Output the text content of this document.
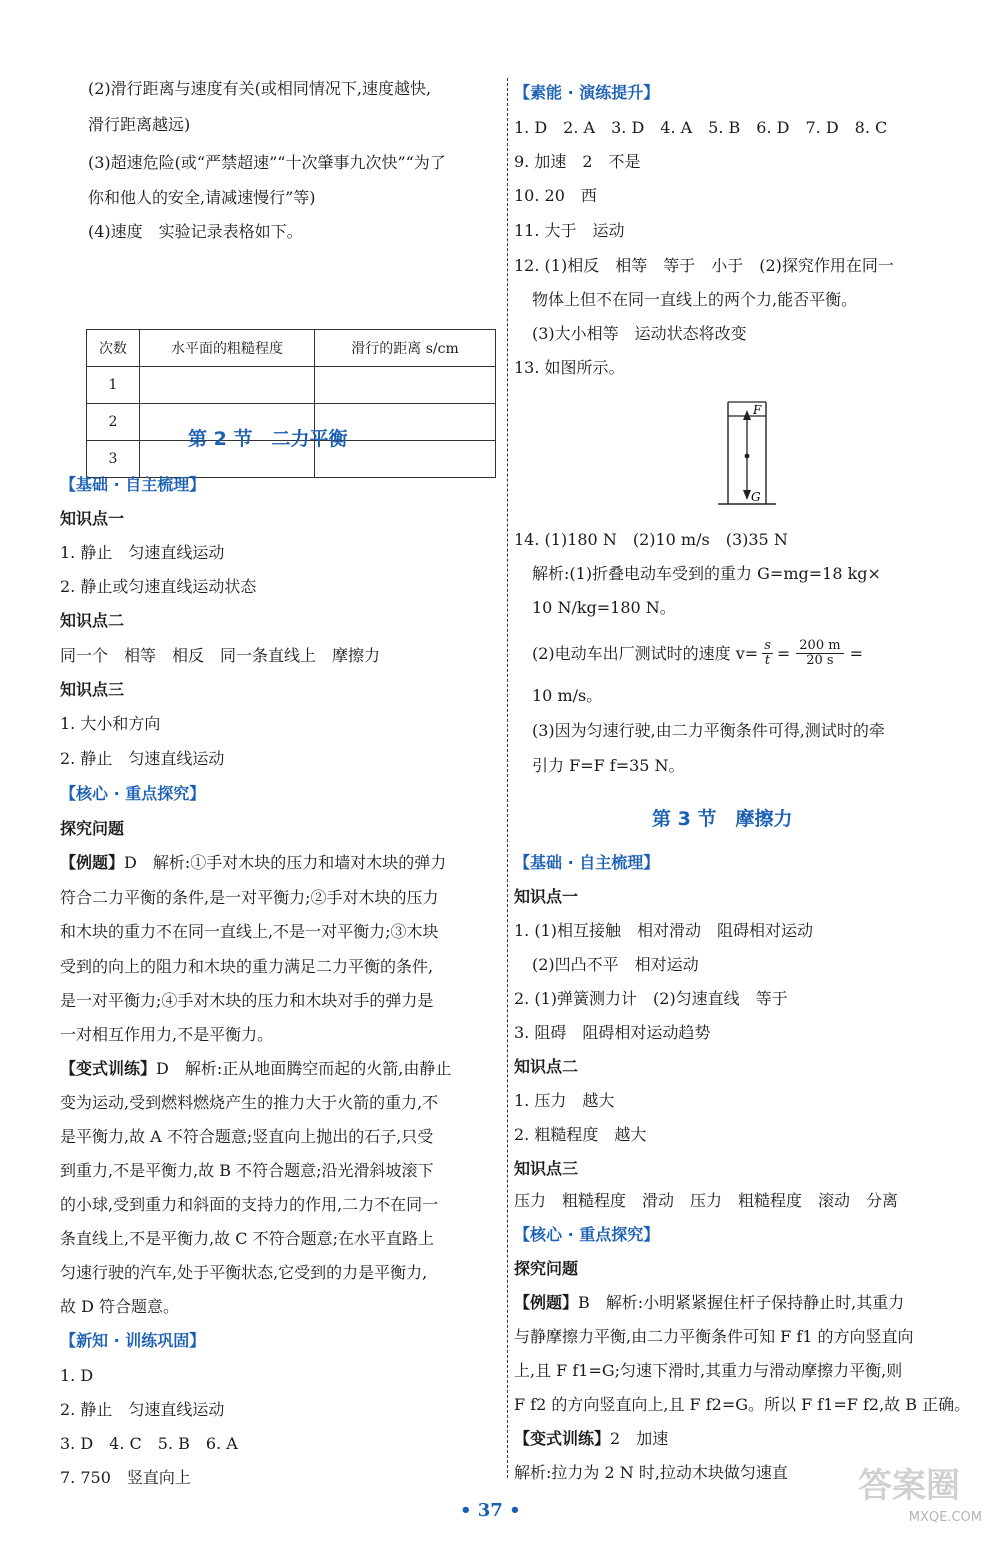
(2)滑行距离与速度有关(或相同情况下,速度越快,
滑行距离越远)
(3)超速危险(或“严禁超速”“十次肇事九次快”“为了
你和他人的安全,请减速慢行”等)
(4)速度　实验记录表格如下。
次数	水平面的粗糙程度	滑行的距离 s/cm
1		
2		
3		
第 2 节　二力平衡
【基础 · 自主梳理】
知识点一
1. 静止　匀速直线运动
2. 静止或匀速直线运动状态
知识点二
同一个　相等　相反　同一条直线上　摩擦力
知识点三
1. 大小和方向
2. 静止　匀速直线运动
【核心 · 重点探究】
探究问题
【例题】D　解析:①手对木块的压力和墙对木块的弹力
符合二力平衡的条件,是一对平衡力;②手对木块的压力
和木块的重力不在同一直线上,不是一对平衡力;③木块
受到的向上的阻力和木块的重力满足二力平衡的条件,
是一对平衡力;④手对木块的压力和木块对手的弹力是
一对相互作用力,不是平衡力。
【变式训练】D　解析:正从地面腾空而起的火箭,由静止
变为运动,受到燃料燃烧产生的推力大于火箭的重力,不
是平衡力,故 A 不符合题意;竖直向上抛出的石子,只受
到重力,不是平衡力,故 B 不符合题意;沿光滑斜坡滚下
的小球,受到重力和斜面的支持力的作用,二力不在同一
条直线上,不是平衡力,故 C 不符合题意;在水平直路上
匀速行驶的汽车,处于平衡状态,它受到的力是平衡力,
故 D 符合题意。
【新知 · 训练巩固】
1. D
2. 静止　匀速直线运动
3. D　4. C　5. B　6. A
7. 750　竖直向上
【素能 · 演练提升】
1. D　2. A　3. D　4. A　5. B　6. D　7. D　8. C
9. 加速　2　不是
10. 20　西
11. 大于　运动
12. (1)相反　相等　等于　小于　(2)探究作用在同一
物体上但不在同一直线上的两个力,能否平衡。
(3)大小相等　运动状态将改变
13. 如图所示。
F
G
14. (1)180 N　(2)10 m/s　(3)35 N
解析:(1)折叠电动车受到的重力 G=mg=18 kg×
10 N/kg=180 N。
(2)电动车出厂测试时的速度 $v= \frac{s}{t} = \frac{200 m}{20 s}$ =
10 m/s。
(3)因为匀速行驶,由二力平衡条件可得,测试时的牵
引力 F=F f=35 N。
第 3 节　摩擦力
【基础 · 自主梳理】
知识点一
1. (1)相互接触　相对滑动　阻碍相对运动
(2)凹凸不平　相对运动
2. (1)弹簧测力计　(2)匀速直线　等于
3. 阻碍　阻碍相对运动趋势
知识点二
1. 压力　越大
2. 粗糙程度　越大
知识点三
压力　粗糙程度　滑动　压力　粗糙程度　滚动　分离
【核心 · 重点探究】
探究问题
【例题】B　解析:小明紧紧握住杆子保持静止时,其重力
与静摩擦力平衡,由二力平衡条件可知 F f1 的方向竖直向
上,且 F f1=G;匀速下滑时,其重力与滑动摩擦力平衡,则
F f2 的方向竖直向上,且 F f2=G。所以 F f1=F f2,故 B 正确。
【变式训练】2　加速
解析:拉力为 2 N 时,拉动木块做匀速直
• 37 •
答案圈
MXQE.COM
